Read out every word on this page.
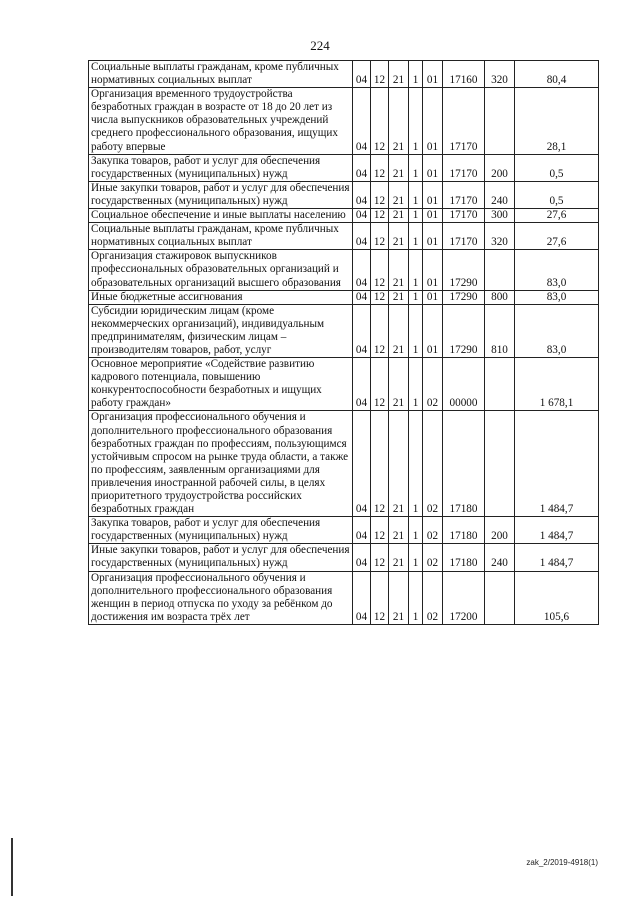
224
Социальные выплаты гражданам, кроме публичных нормативных социальных выплат	04	12	21	1	01	17160	320	80,4
Организация временного трудоустройства безработных граждан в возрасте от 18 до 20 лет из числа выпускников образовательных учреждений среднего профессионального образования, ищущих работу впервые	04	12	21	1	01	17170		28,1
Закупка товаров, работ и услуг для обеспечения государственных (муниципальных) нужд	04	12	21	1	01	17170	200	0,5
Иные закупки товаров, работ и услуг для обеспечения государственных (муниципальных) нужд	04	12	21	1	01	17170	240	0,5
Социальное обеспечение и иные выплаты населению	04	12	21	1	01	17170	300	27,6
Социальные выплаты гражданам, кроме публичных нормативных социальных выплат	04	12	21	1	01	17170	320	27,6
Организация стажировок выпускников профессиональных образовательных организаций и образовательных организаций высшего образования	04	12	21	1	01	17290		83,0
Иные бюджетные ассигнования	04	12	21	1	01	17290	800	83,0
Субсидии юридическим лицам (кроме некоммерческих организаций), индивидуальным предпринимателям, физическим лицам – производителям товаров, работ, услуг	04	12	21	1	01	17290	810	83,0
Основное мероприятие «Содействие развитию кадрового потенциала, повышению конкурентоспособности безработных и ищущих работу граждан»	04	12	21	1	02	00000		1 678,1
Организация профессионального обучения и дополнительного профессионального образования безработных граждан по профессиям, пользующимся устойчивым спросом на рынке труда области, а также по профессиям, заявленным организациями для привлечения иностранной рабочей силы, в целях приоритетного трудоустройства российских безработных граждан	04	12	21	1	02	17180		1 484,7
Закупка товаров, работ и услуг для обеспечения государственных (муниципальных) нужд	04	12	21	1	02	17180	200	1 484,7
Иные закупки товаров, работ и услуг для обеспечения государственных (муниципальных) нужд	04	12	21	1	02	17180	240	1 484,7
Организация профессионального обучения и дополнительного профессионального образования женщин в период отпуска по уходу за ребёнком до достижения им возраста трёх лет	04	12	21	1	02	17200		105,6
zak_2/2019-4918(1)
